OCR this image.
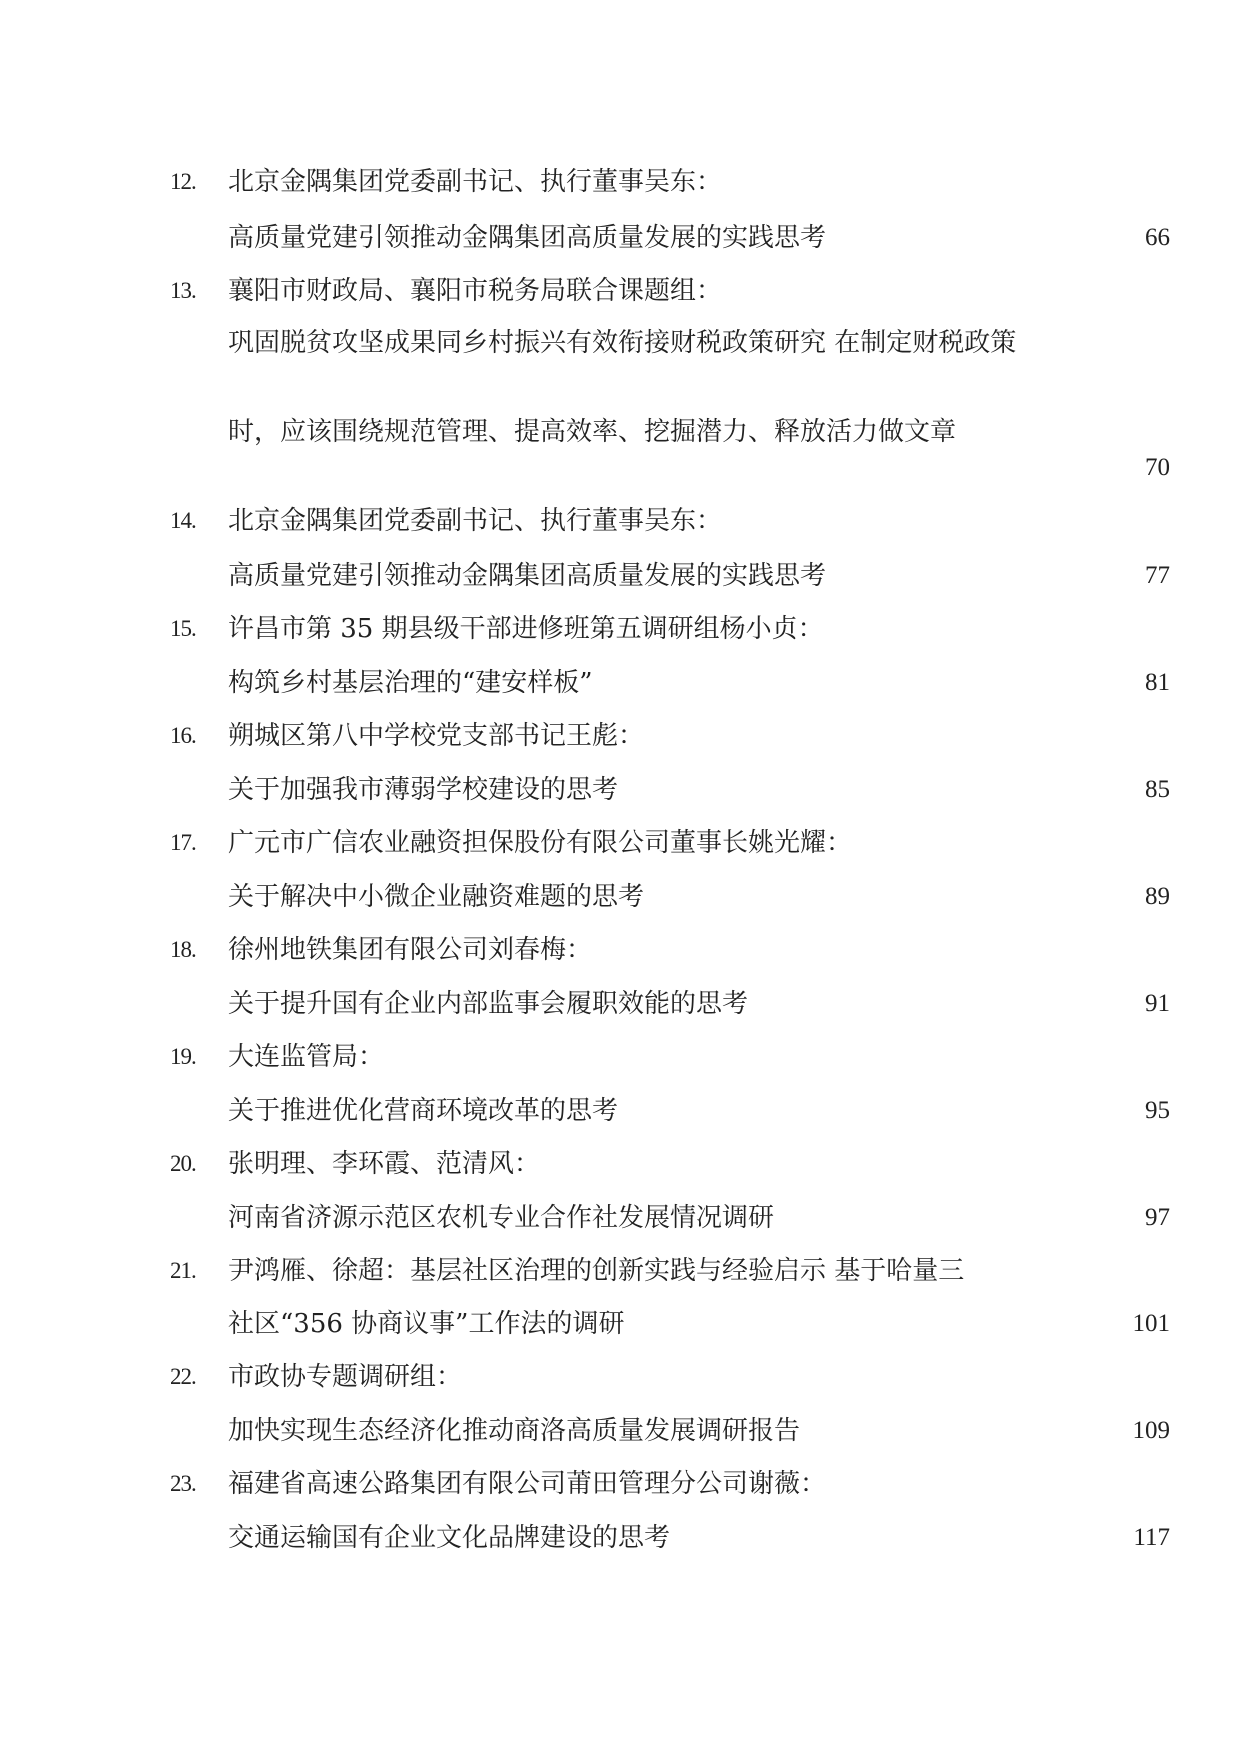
12. 北京金隅集团党委副书记、执行董事吴东：
高质量党建引领推动金隅集团高质量发展的实践思考	66
13. 襄阳市财政局、襄阳市税务局联合课题组：
巩固脱贫攻坚成果同乡村振兴有效衔接财税政策研究 在制定财税政策
时，应该围绕规范管理、提高效率、挖掘潜力、释放活力做文章
70
14. 北京金隅集团党委副书记、执行董事吴东：
高质量党建引领推动金隅集团高质量发展的实践思考	77
15. 许昌市第 35 期县级干部进修班第五调研组杨小贞：
构筑乡村基层治理的“建安样板”	81
16. 朔城区第八中学校党支部书记王彪：
关于加强我市薄弱学校建设的思考	85
17. 广元市广信农业融资担保股份有限公司董事长姚光耀：
关于解决中小微企业融资难题的思考	89
18. 徐州地铁集团有限公司刘春梅：
关于提升国有企业内部监事会履职效能的思考	91
19. 大连监管局：
关于推进优化营商环境改革的思考	95
20. 张明理、李环霞、范清风：
河南省济源示范区农机专业合作社发展情况调研	97
21. 尹鸿雁、徐超：基层社区治理的创新实践与经验启示 基于哈量三
社区“356 协商议事”工作法的调研	101
22. 市政协专题调研组：
加快实现生态经济化推动商洛高质量发展调研报告	109
23. 福建省高速公路集团有限公司莆田管理分公司谢薇：
交通运输国有企业文化品牌建设的思考	117
